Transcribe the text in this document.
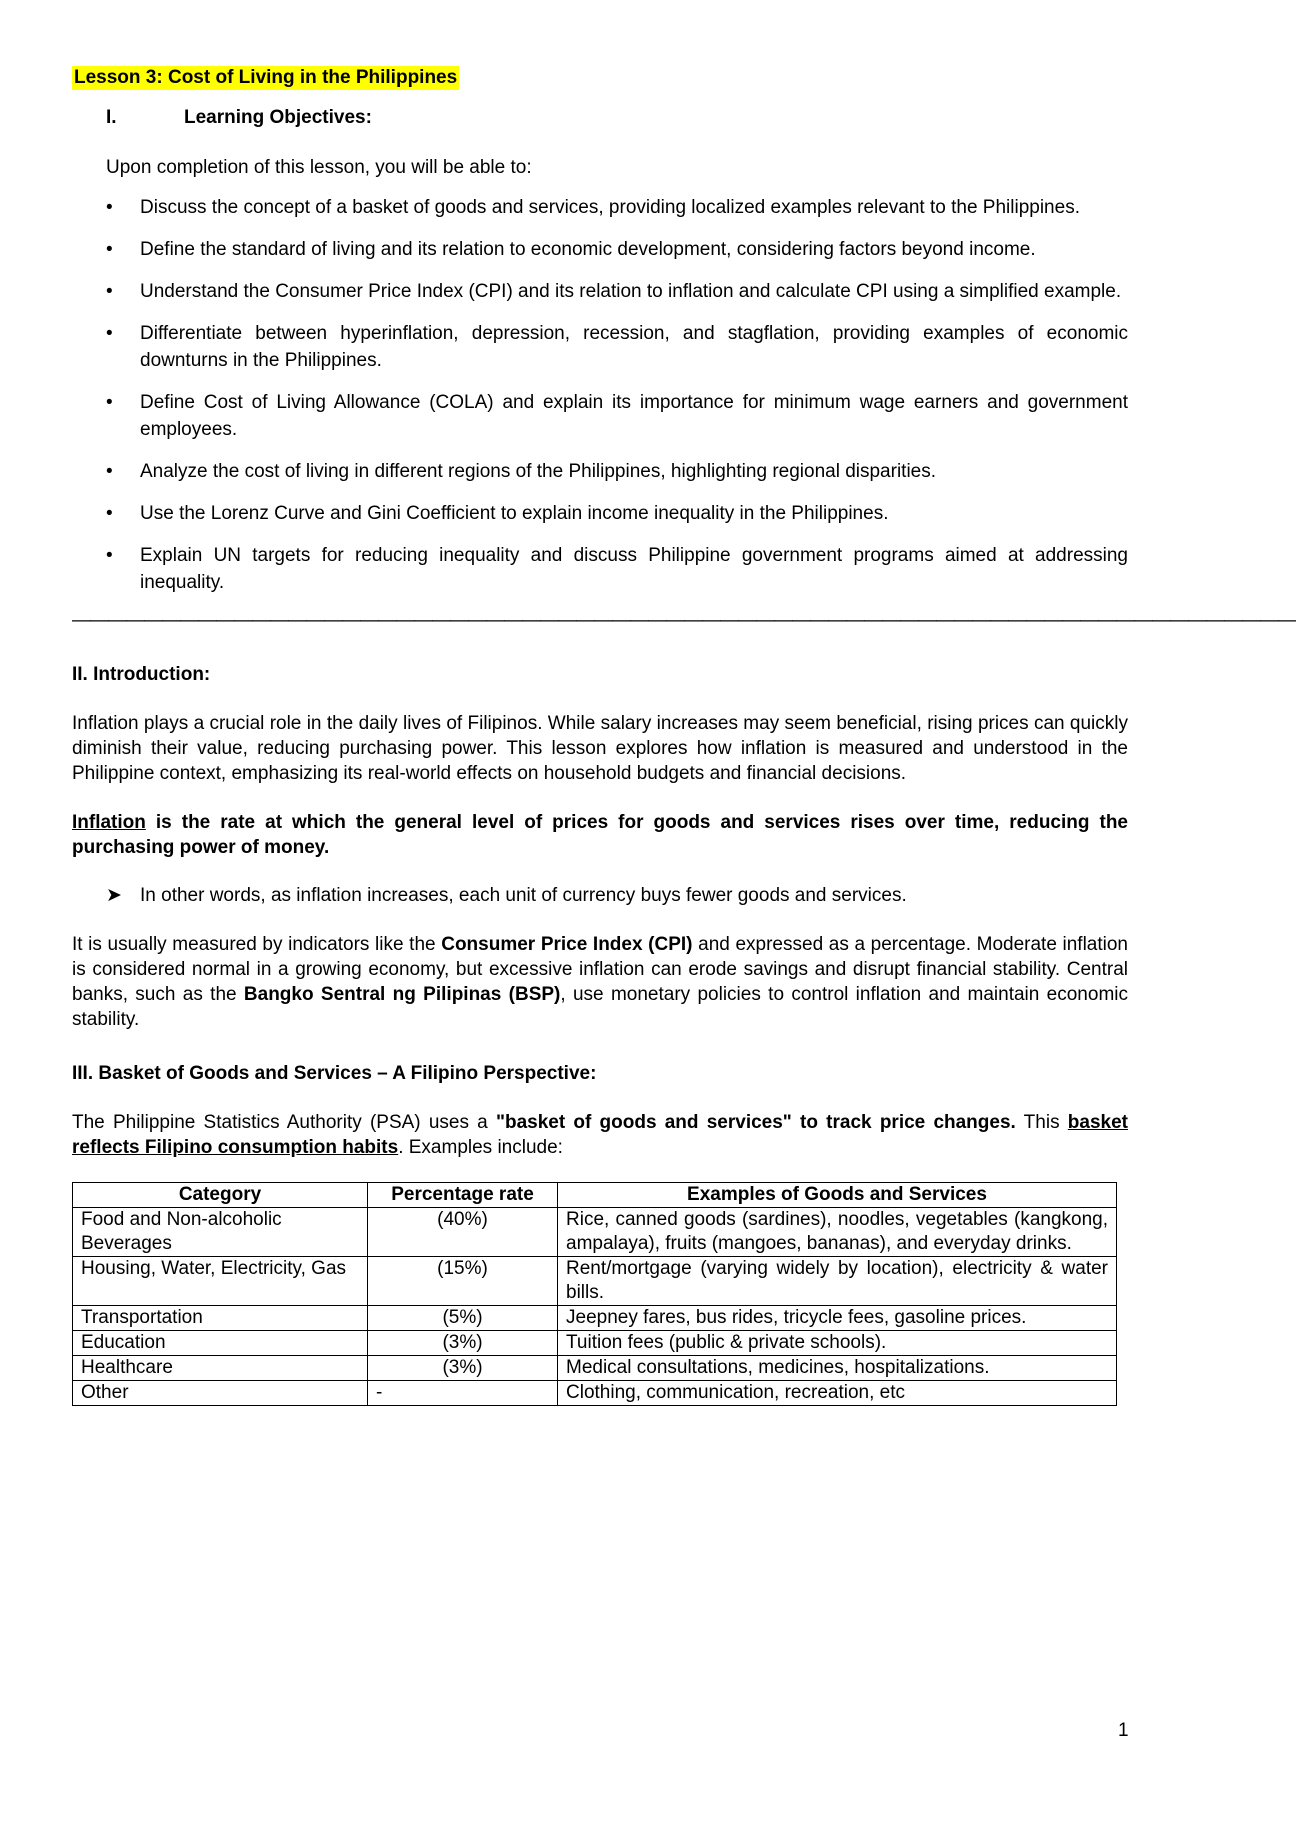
Lesson 3: Cost of Living in the Philippines
I.	Learning Objectives:
Upon completion of this lesson, you will be able to:
• Discuss the concept of a basket of goods and services, providing localized examples relevant to the Philippines.
• Define the standard of living and its relation to economic development, considering factors beyond income.
• Understand the Consumer Price Index (CPI) and its relation to inflation and calculate CPI using a simplified example.
• Differentiate between hyperinflation, depression, recession, and stagflation, providing examples of economic downturns in the Philippines.
• Define Cost of Living Allowance (COLA) and explain its importance for minimum wage earners and government employees.
• Analyze the cost of living in different regions of the Philippines, highlighting regional disparities.
• Use the Lorenz Curve and Gini Coefficient to explain income inequality in the Philippines.
• Explain UN targets for reducing inequality and discuss Philippine government programs aimed at addressing inequality.
————————————————————————————————————————————————————————————————————
II. Introduction:
Inflation plays a crucial role in the daily lives of Filipinos. While salary increases may seem beneficial, rising prices can quickly diminish their value, reducing purchasing power. This lesson explores how inflation is measured and understood in the Philippine context, emphasizing its real-world effects on household budgets and financial decisions.
Inflation is the rate at which the general level of prices for goods and services rises over time, reducing the purchasing power of money.
➤ In other words, as inflation increases, each unit of currency buys fewer goods and services.
It is usually measured by indicators like the Consumer Price Index (CPI) and expressed as a percentage. Moderate inflation is considered normal in a growing economy, but excessive inflation can erode savings and disrupt financial stability. Central banks, such as the Bangko Sentral ng Pilipinas (BSP), use monetary policies to control inflation and maintain economic stability.
III. Basket of Goods and Services – A Filipino Perspective:
The Philippine Statistics Authority (PSA) uses a "basket of goods and services" to track price changes. This basket reflects Filipino consumption habits. Examples include:
Category	Percentage rate	Examples of Goods and Services
Food and Non-alcoholic Beverages	(40%)	Rice, canned goods (sardines), noodles, vegetables (kangkong, ampalaya), fruits (mangoes, bananas), and everyday drinks.
Housing, Water, Electricity, Gas	(15%)	Rent/mortgage (varying widely by location), electricity & water bills.
Transportation	(5%)	Jeepney fares, bus rides, tricycle fees, gasoline prices.
Education	(3%)	Tuition fees (public & private schools).
Healthcare	(3%)	Medical consultations, medicines, hospitalizations.
Other	-	Clothing, communication, recreation, etc
1
